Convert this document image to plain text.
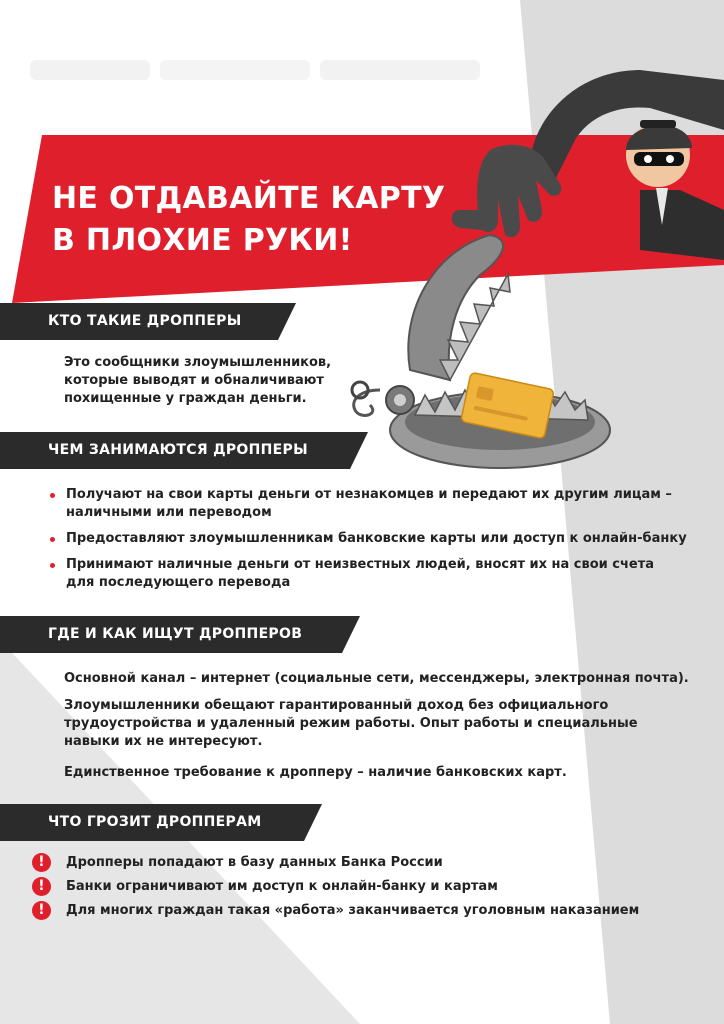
НЕ ОТДАВАЙТЕ КАРТУ
В ПЛОХИЕ РУКИ!
КТО ТАКИЕ ДРОППЕРЫ

Это сообщники злоумышленников,
которые выводят и обналичивают
похищенные у граждан деньги.

ЧЕМ ЗАНИМАЮТСЯ ДРОППЕРЫ
Получают на свои карты деньги от незнакомцев и передают их другим лицам –
наличными или переводом
Предоставляют злоумышленникам банковские карты или доступ к онлайн-банку
Принимают наличные деньги от неизвестных людей, вносят их на свои счета
для последующего перевода
ГДЕ И КАК ИЩУТ ДРОППЕРОВ

Основной канал – интернет (социальные сети, мессенджеры, электронная почта).

Злоумышленники обещают гарантированный доход без официального
трудоустройства и удаленный режим работы. Опыт работы и специальные
навыки их не интересуют.

Единственное требование к дропперу – наличие банковских карт.

ЧТО ГРОЗИТ ДРОППЕРАМ
!	Дропперы попадают в базу данных Банка России
!	Банки ограничивают им доступ к онлайн-банку и картам
!	Для многих граждан такая «работа» заканчивается уголовным наказанием
